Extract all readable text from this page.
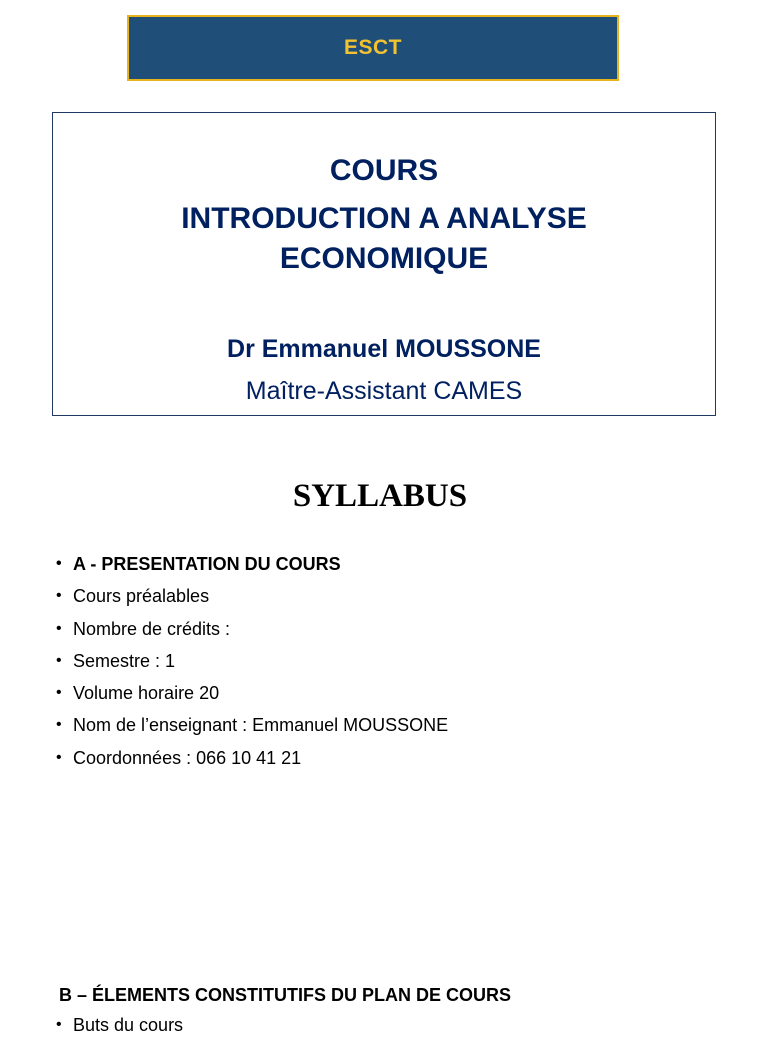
ESCT
COURS
INTRODUCTION A ANALYSE
ECONOMIQUE
Dr Emmanuel MOUSSONE
Maître-Assistant CAMES
SYLLABUS
• A - PRESENTATION DU COURS
• Cours préalables
• Nombre de crédits :
• Semestre : 1
• Volume horaire 20
• Nom de l’enseignant : Emmanuel MOUSSONE
• Coordonnées : 066 10 41 21
B – ÉLEMENTS CONSTITUTIFS DU PLAN DE COURS
• Buts du cours
